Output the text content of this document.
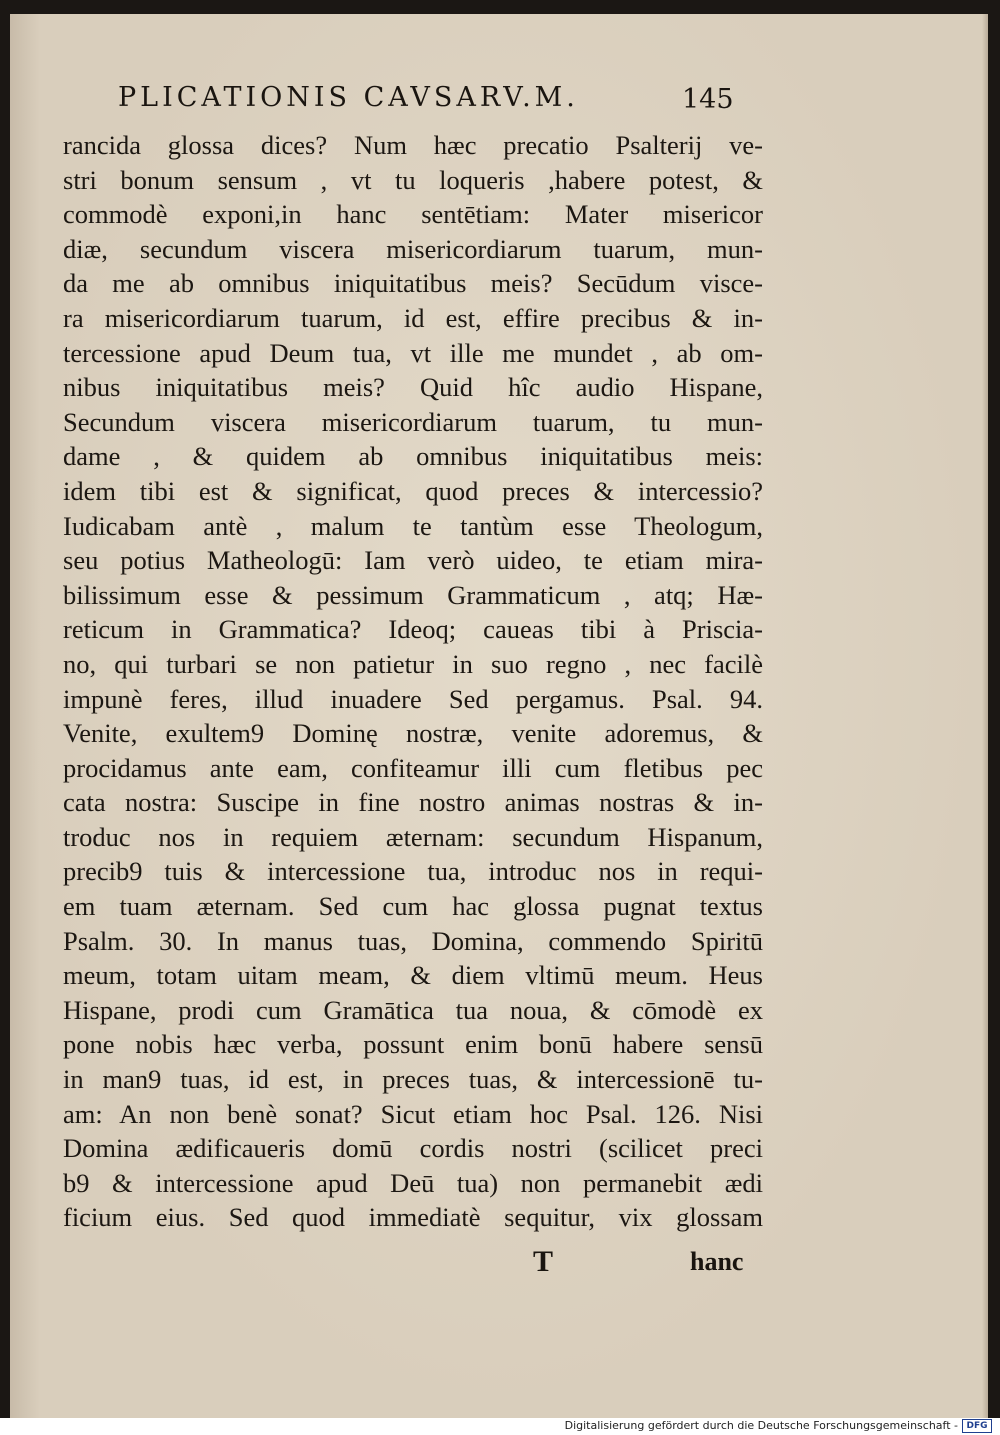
PLICATIONIS CAVSARV.M.	145
rancida glossa dices? Num hæc precatio Psalterij ve-
stri bonum sensum , vt tu loqueris ,habere potest, &
commodè exponi,in hanc sentētiam: Mater misericor
diæ, secundum viscera misericordiarum tuarum, mun-
da me ab omnibus iniquitatibus meis? Secūdum visce-
ra misericordiarum tuarum, id est, effire precibus & in-
tercessione apud Deum tua, vt ille me mundet , ab om-
nibus iniquitatibus meis? Quid hîc audio Hispane,
Secundum viscera misericordiarum tuarum, tu mun-
dame , & quidem ab omnibus iniquitatibus meis:
idem tibi est & significat, quod preces & intercessio?
Iudicabam antè , malum te tantùm esse Theologum,
seu potius Matheologū: Iam verò uideo, te etiam mira-
bilissimum esse & pessimum Grammaticum , atq; Hæ-
reticum in Grammatica? Ideoq; caueas tibi à Priscia-
no, qui turbari se non patietur in suo regno , nec facilè
impunè feres, illud inuadere Sed pergamus. Psal. 94.
Venite, exultem9 Dominę nostræ, venite adoremus, &
procidamus ante eam, confiteamur illi cum fletibus pec
cata nostra: Suscipe in fine nostro animas nostras & in-
troduc nos in requiem æternam: secundum Hispanum,
precib9 tuis & intercessione tua, introduc nos in requi-
em tuam æternam. Sed cum hac glossa pugnat textus
Psalm. 30. In manus tuas, Domina, commendo Spiritū
meum, totam uitam meam, & diem vltimū meum. Heus
Hispane, prodi cum Gramātica tua noua, & cōmodè ex
pone nobis hæc verba, possunt enim bonū habere sensū
in man9 tuas, id est, in preces tuas, & intercessionē tu-
am: An non benè sonat? Sicut etiam hoc Psal. 126. Nisi
Domina ædificaueris domū cordis nostri (scilicet preci
b9 & intercessione apud Deū tua) non permanebit ædi
ficium eius. Sed quod immediatè sequitur, vix glossam
T	hanc
Digitalisierung gefördert durch die Deutsche Forschungsgemeinschaft - DFG
